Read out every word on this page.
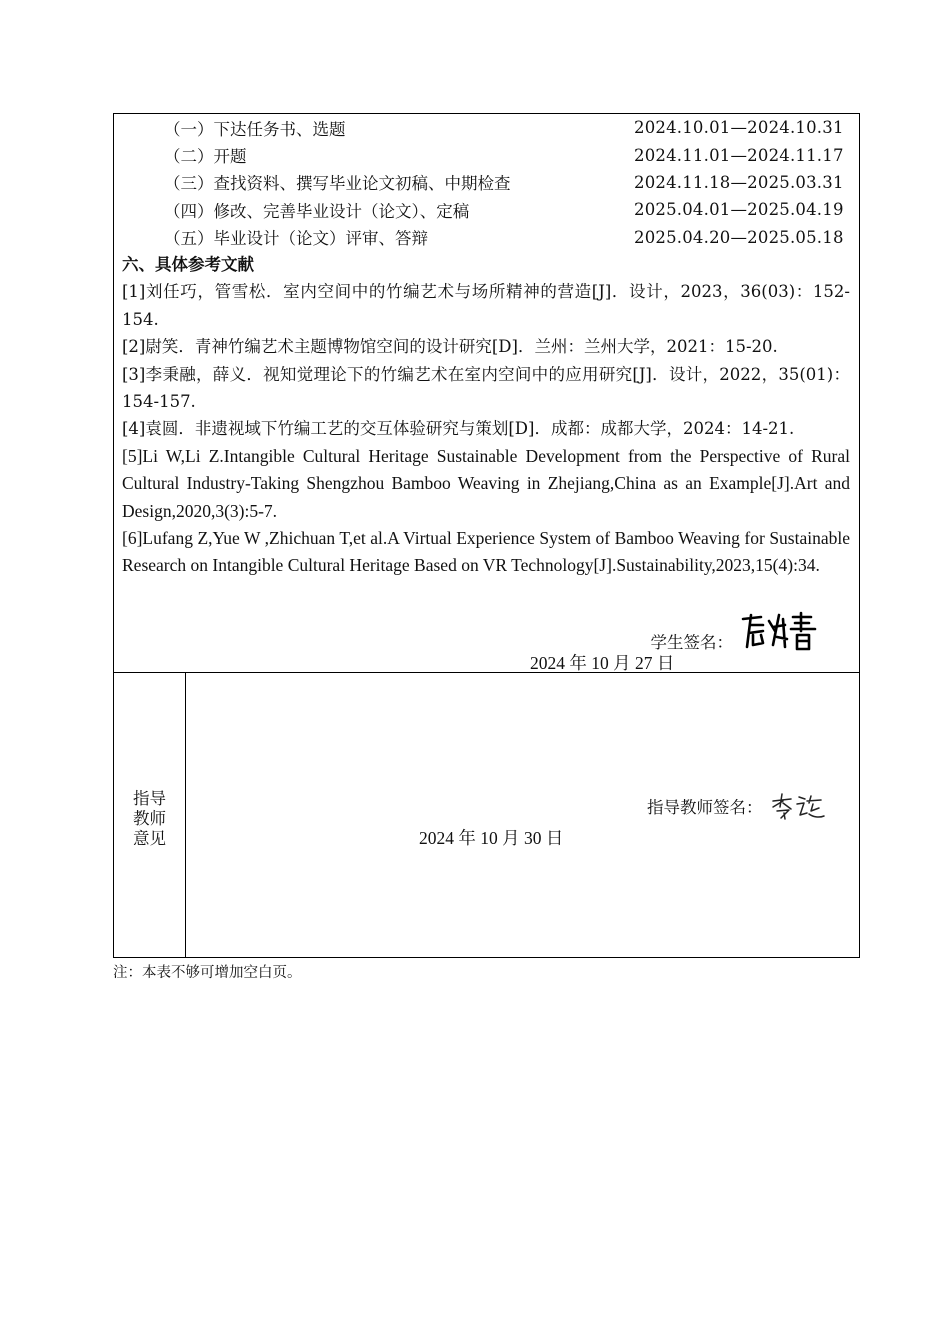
（一）下达任务书、选题	2024.10.01—2024.10.31
（二）开题	2024.11.01—2024.11.17
（三）查找资料、撰写毕业论文初稿、中期检查	2024.11.18—2025.03.31
（四）修改、完善毕业设计（论文）、定稿	2025.04.01—2025.04.19
（五）毕业设计（论文）评审、答辩	2025.04.20—2025.05.18
六、具体参考文献
[1]刘任巧，管雪松．室内空间中的竹编艺术与场所精神的营造[J]．设计，2023，36(03)：152-154.
[2]尉笑．青神竹编艺术主题博物馆空间的设计研究[D]．兰州：兰州大学，2021：15-20.
[3]李秉融，薛义．视知觉理论下的竹编艺术在室内空间中的应用研究[J]．设计，2022，35(01)：154-157.
[4]袁圆．非遗视域下竹编工艺的交互体验研究与策划[D]．成都：成都大学，2024：14-21.
[5]Li W,Li Z.Intangible Cultural Heritage Sustainable Development from the Perspective of Rural Cultural Industry-Taking Shengzhou Bamboo Weaving in Zhejiang,China as an Example[J].Art and Design,2020,3(3):5-7.
[6]Lufang Z,Yue W ,Zhichuan T,et al.A Virtual Experience System of Bamboo Weaving for Sustainable Research on Intangible Cultural Heritage Based on VR Technology[J].Sustainability,2023,15(4):34.
学生签名：
2024 年 10 月 27 日
指导教师意见
指导教师签名：
2024 年 10 月 30 日
注：本表不够可增加空白页。
